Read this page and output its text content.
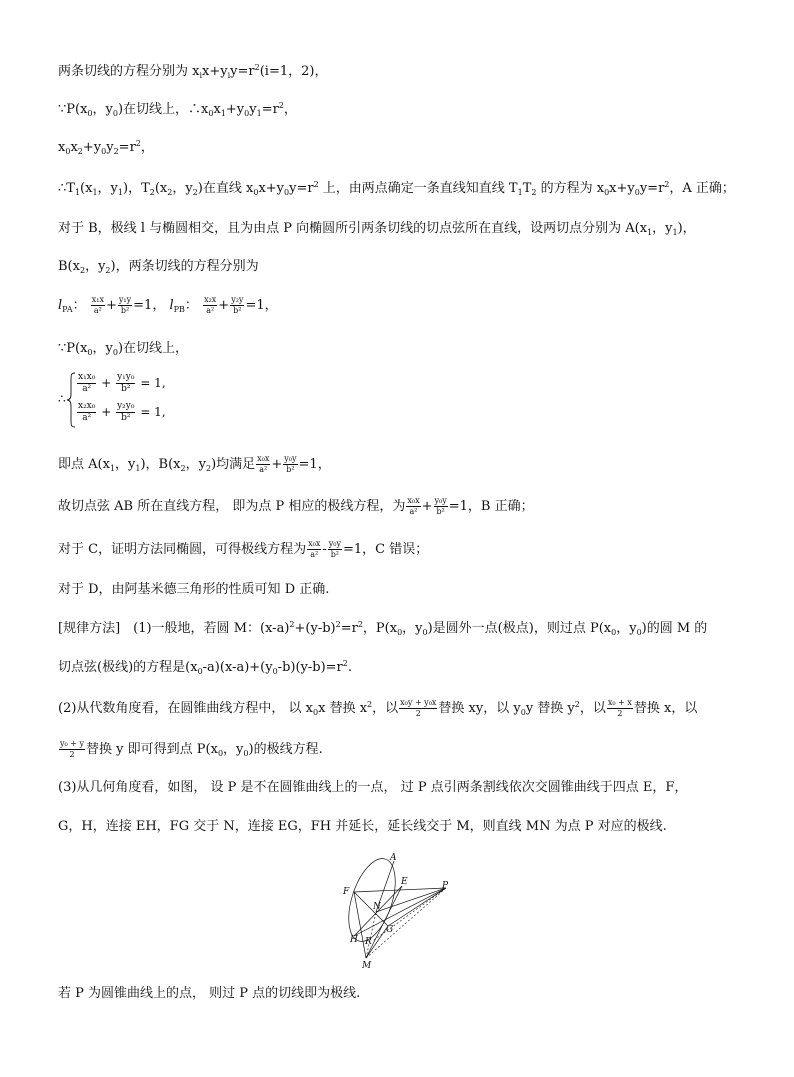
两条切线的方程分别为 $x_ix+y_iy=r^2(i=1$，2)，
$\because P(x_0$，$y_0$)在切线上，$\therefore x_0x_1+y_0y_1=r^2$，
$x_0x_2+y_0y_2=r^2$，
$\therefore T_1(x_1$，$y_1$)，$T_2(x_2$，$y_2$)在直线 $x_0x+y_0y=r^2$ 上，由两点确定一条直线知直线 $T_1T_2$ 的方程为 $x_0x+y_0y=r^2$，A 正确；
对于 B，极线 l 与椭圆相交，且为由点 P 向椭圆所引两条切线的切点弦所在直线，设两切点分别为 $A(x_1$，$y_1$)，
$B(x_2$，$y_2$)，两条切线的方程分别为
$l_{PA}$： $\frac{\text{x₁x}}{\text{a²}} + \frac{\text{y₁y}}{\text{b²}} =1$， $l_{PB}$： $\frac{\text{x₂x}}{\text{a²}} + \frac{\text{y₂y}}{\text{b²}} =1$，
$\because P(x_0$，$y_0$)在切线上，
∴
$\frac{\text{x₁x₀}}{\text{a²}} + \frac{\text{y₁y₀}}{\text{b²}} = 1$,
$\frac{\text{x₂x₀}}{\text{a²}} + \frac{\text{y₂y₀}}{\text{b²}} = 1$,
即点 $A(x_1$，$y_1$)，$B(x_2$，$y_2$)均满足 $\frac{\text{x₀x}}{\text{a²}} + \frac{\text{y₀y}}{\text{b²}} =1$，
故切点弦 AB 所在直线方程， 即为点 P 相应的极线方程，为 $\frac{\text{x₀x}}{\text{a²}} + \frac{\text{y₀y}}{\text{b²}} =1$，B 正确；
对于 C，证明方法同椭圆，可得极线方程为 $\frac{\text{x₀x}}{\text{a²}} - \frac{\text{y₀y}}{\text{b²}} =1$，C 错误；
对于 D，由阿基米德三角形的性质可知 D 正确.
[规律方法]　(1)一般地，若圆 M：$(x-a)^2+(y-b)^2=r^2$，$P(x_0$，$y_0$)是圆外一点(极点)，则过点 $P(x_0$，$y_0$)的圆 M 的
切点弦(极线)的方程是$(x_0-a)(x-a)+(y_0-b)(y-b)=r^2$.
(2)从代数角度看，在圆锥曲线方程中， 以 $x_0x$ 替换 $x^2$，以 $\frac{\text{x₀y + y₀x}}{2}$ 替换 xy，以 $y_0y$ 替换 $y^2$，以 $\frac{\text{x₀ + x}}{2}$ 替换 x，以
$\frac{\text{y₀ + y}}{2}$ 替换 y 即可得到点 $P(x_0$，$y_0$)的极线方程.
(3)从几何角度看，如图， 设 P 是不在圆锥曲线上的一点， 过 P 点引两条割线依次交圆锥曲线于四点 E，F，
G，H，连接 EH，FG 交于 N，连接 EG，FH 并延长，延长线交于 M，则直线 MN 为点 P 对应的极线.
A
E
F
P
N
G
H R
M
若 P 为圆锥曲线上的点， 则过 P 点的切线即为极线.
